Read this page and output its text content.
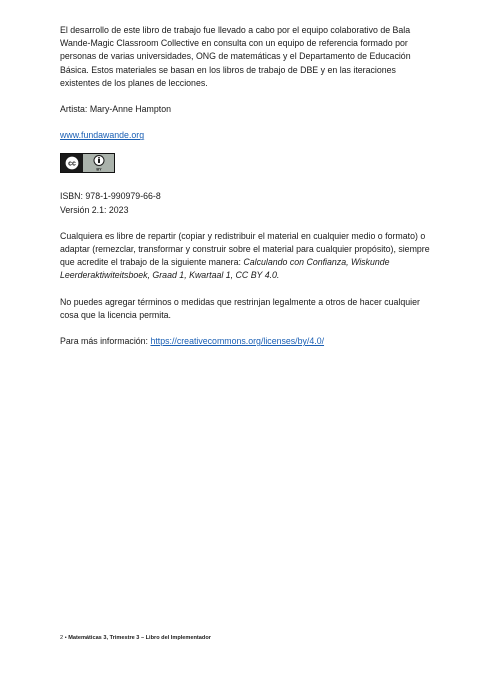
El desarrollo de este libro de trabajo fue llevado a cabo por el equipo colaborativo de Bala Wande-Magic Classroom Collective en consulta con un equipo de referencia formado por personas de varias universidades, ONG de matemáticas y el Departamento de Educación Básica. Estos materiales se basan en los libros de trabajo de DBE y en las iteraciones existentes de los planes de lecciones.

Artista: Mary-Anne Hampton

www.fundawande.org

cc
BY

ISBN: 978-1-990979-66-8

Versión 2.1: 2023

Cualquiera es libre de repartir (copiar y redistribuir el material en cualquier medio o formato) o adaptar (remezclar, transformar y construir sobre el material para cualquier propósito), siempre que acredite el trabajo de la siguiente manera: Calculando con Confianza, Wiskunde Leerderaktiwiteitsboek, Graad 1, Kwartaal 1, CC BY 4.0.

No puedes agregar términos o medidas que restrinjan legalmente a otros de hacer cualquier cosa que la licencia permita.

Para más información: https://creativecommons.org/licenses/by/4.0/

2 • Matemáticas 3, Trimestre 3 – Libro del Implementador
